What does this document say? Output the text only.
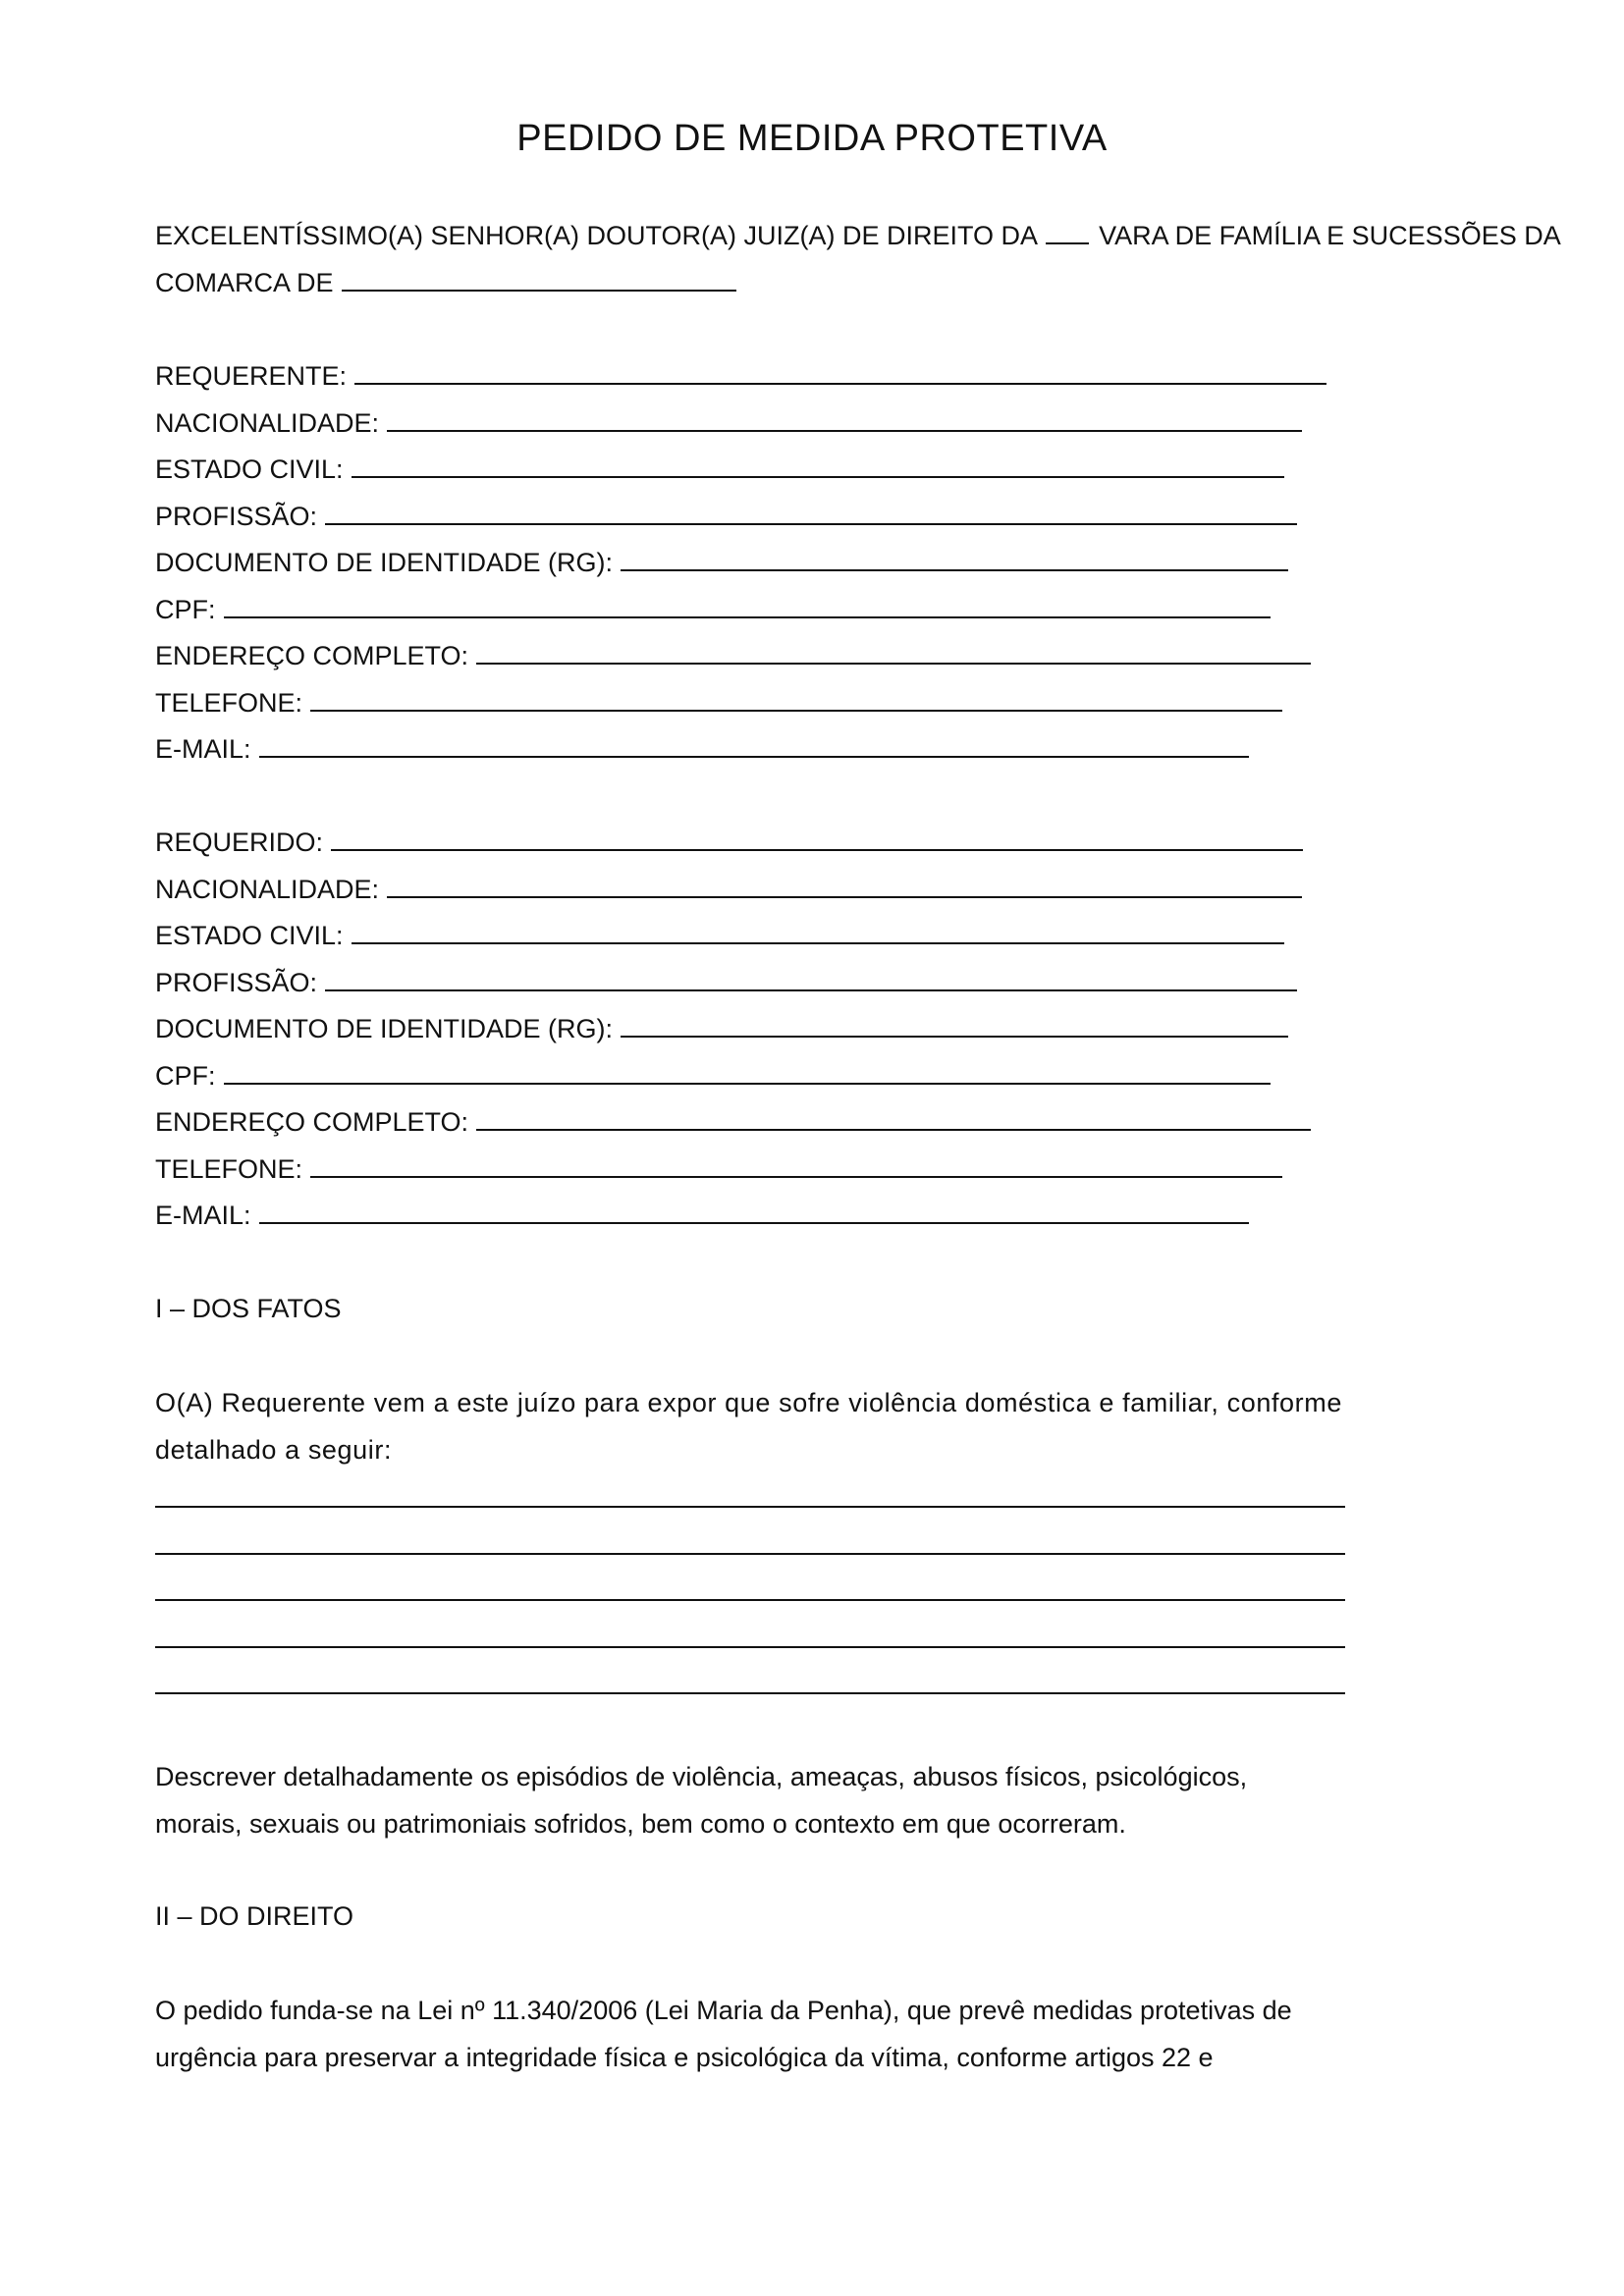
PEDIDO DE MEDIDA PROTETIVA
EXCELENTÍSSIMO(A) SENHOR(A) DOUTOR(A) JUIZ(A) DE DIREITO DA VARA DE FAMÍLIA E SUCESSÕES DA
COMARCA DE
REQUERENTE:
NACIONALIDADE:
ESTADO CIVIL:
PROFISSÃO:
DOCUMENTO DE IDENTIDADE (RG):
CPF:
ENDEREÇO COMPLETO:
TELEFONE:
E-MAIL:
REQUERIDO:
NACIONALIDADE:
ESTADO CIVIL:
PROFISSÃO:
DOCUMENTO DE IDENTIDADE (RG):
CPF:
ENDEREÇO COMPLETO:
TELEFONE:
E-MAIL:
I – DOS FATOS
O(A) Requerente vem a este juízo para expor que sofre violência doméstica e familiar, conforme
detalhado a seguir:
Descrever detalhadamente os episódios de violência, ameaças, abusos físicos, psicológicos,
morais, sexuais ou patrimoniais sofridos, bem como o contexto em que ocorreram.
II – DO DIREITO
O pedido funda-se na Lei nº 11.340/2006 (Lei Maria da Penha), que prevê medidas protetivas de
urgência para preservar a integridade física e psicológica da vítima, conforme artigos 22 e
